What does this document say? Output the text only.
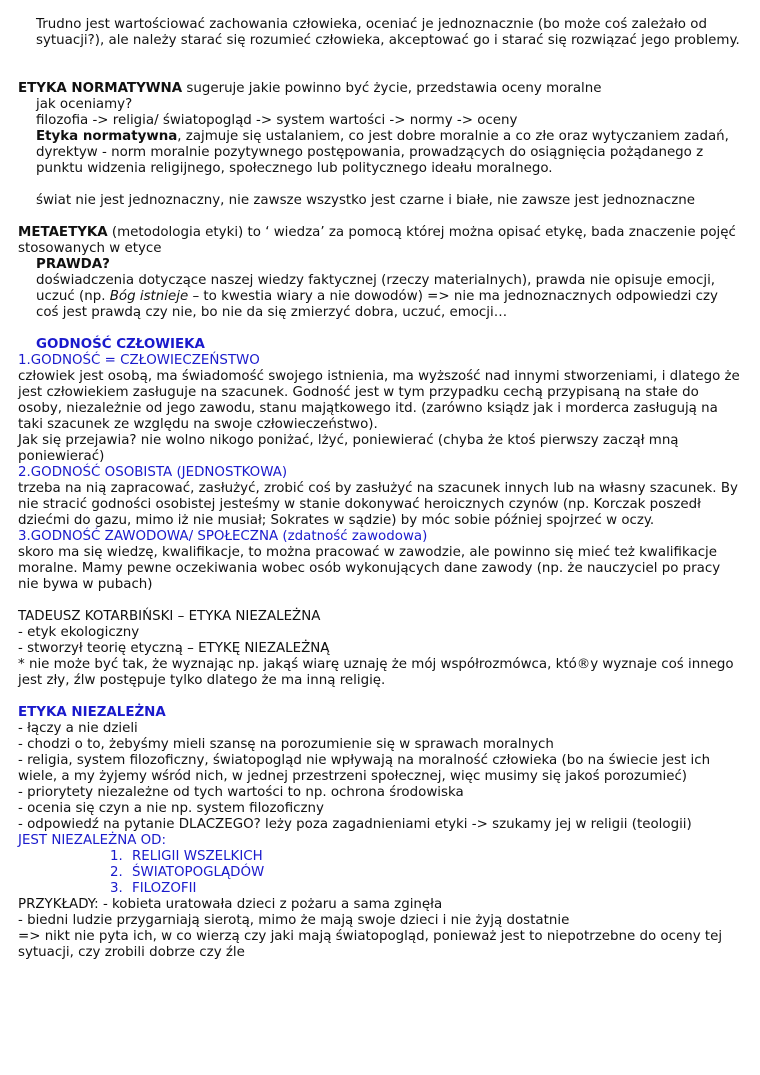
Trudno jest wartościować zachowania człowieka, oceniać je jednoznacznie (bo może coś zależało od sytuacji?), ale należy starać się rozumieć człowieka, akceptować go i starać się rozwiązać jego problemy.

ETYKA NORMATYWNA sugeruje jakie powinno być życie, przedstawia oceny moralne

jak oceniamy?

filozofia -> religia/ światopogląd -> system wartości -> normy -> oceny

Etyka normatywna, zajmuje się ustalaniem, co jest dobre moralnie a co złe oraz wytyczaniem zadań, dyrektyw - norm moralnie pozytywnego postępowania, prowadzących do osiągnięcia pożądanego z punktu widzenia religijnego, społecznego lub politycznego ideału moralnego.

świat nie jest jednoznaczny, nie zawsze wszystko jest czarne i białe, nie zawsze jest jednoznaczne

METAETYKA (metodologia etyki) to ‘ wiedza’ za pomocą której można opisać etykę, bada znaczenie pojęć stosowanych w etyce

PRAWDA?

doświadczenia dotyczące naszej wiedzy faktycznej (rzeczy materialnych), prawda nie opisuje emocji, uczuć (np. Bóg istnieje – to kwestia wiary a nie dowodów) => nie ma jednoznacznych odpowiedzi czy coś jest prawdą czy nie, bo nie da się zmierzyć dobra, uczuć, emocji…

GODNOŚĆ CZŁOWIEKA

1.GODNOŚĆ = CZŁOWIECZEŃSTWO

człowiek jest osobą, ma świadomość swojego istnienia, ma wyższość nad innymi stworzeniami, i dlatego że jest człowiekiem zasługuje na szacunek. Godność jest w tym przypadku cechą przypisaną na stałe do osoby, niezależnie od jego zawodu, stanu majątkowego itd. (zarówno ksiądz jak i morderca zasługują na taki szacunek ze względu na swoje człowieczeństwo).

Jak się przejawia? nie wolno nikogo poniżać, lżyć, poniewierać (chyba że ktoś pierwszy zaczął mną poniewierać)

2.GODNOŚĆ OSOBISTA (JEDNOSTKOWA)

trzeba na nią zapracować, zasłużyć, zrobić coś by zasłużyć na szacunek innych lub na własny szacunek. By nie stracić godności osobistej jesteśmy w stanie dokonywać heroicznych czynów (np. Korczak poszedł dziećmi do gazu, mimo iż nie musiał; Sokrates w sądzie) by móc sobie później spojrzeć w oczy.

3.GODNOŚĆ ZAWODOWA/ SPOŁECZNA (zdatność zawodowa)

skoro ma się wiedzę, kwalifikacje, to można pracować w zawodzie, ale powinno się mieć też kwalifikacje moralne. Mamy pewne oczekiwania wobec osób wykonujących dane zawody (np. że nauczyciel po pracy nie bywa w pubach)

TADEUSZ KOTARBIŃSKI – ETYKA NIEZALEŻNA

- etyk ekologiczny

- stworzył teorię etyczną – ETYKĘ NIEZALEŻNĄ

* nie może być tak, że wyznając np. jakąś wiarę uznaję że mój współrozmówca, któ®y wyznaje coś innego jest zły, źlw postępuje tylko dlatego że ma inną religię.

ETYKA NIEZALEŻNA

- łączy a nie dzieli

- chodzi o to, żebyśmy mieli szansę na porozumienie się w sprawach moralnych

- religia, system filozoficzny, światopogląd nie wpływają na moralność człowieka (bo na świecie jest ich wiele, a my żyjemy wśród nich, w jednej przestrzeni społecznej, więc musimy się jakoś porozumieć)

- priorytety niezależne od tych wartości to np. ochrona środowiska

- ocenia się czyn a nie np. system filozoficzny

- odpowiedź na pytanie DLACZEGO? leży poza zagadnieniami etyki -> szukamy jej w religii (teologii)

JEST NIEZALEŻNA OD:

1. RELIGII WSZELKICH
2. ŚWIATOPOGLĄDÓW
3. FILOZOFII

PRZYKŁADY: - kobieta uratowała dzieci z pożaru a sama zginęła

- biedni ludzie przygarniają sierotą, mimo że mają swoje dzieci i nie żyją dostatnie

=> nikt nie pyta ich, w co wierzą czy jaki mają światopogląd, ponieważ jest to niepotrzebne do oceny tej sytuacji, czy zrobili dobrze czy źle
